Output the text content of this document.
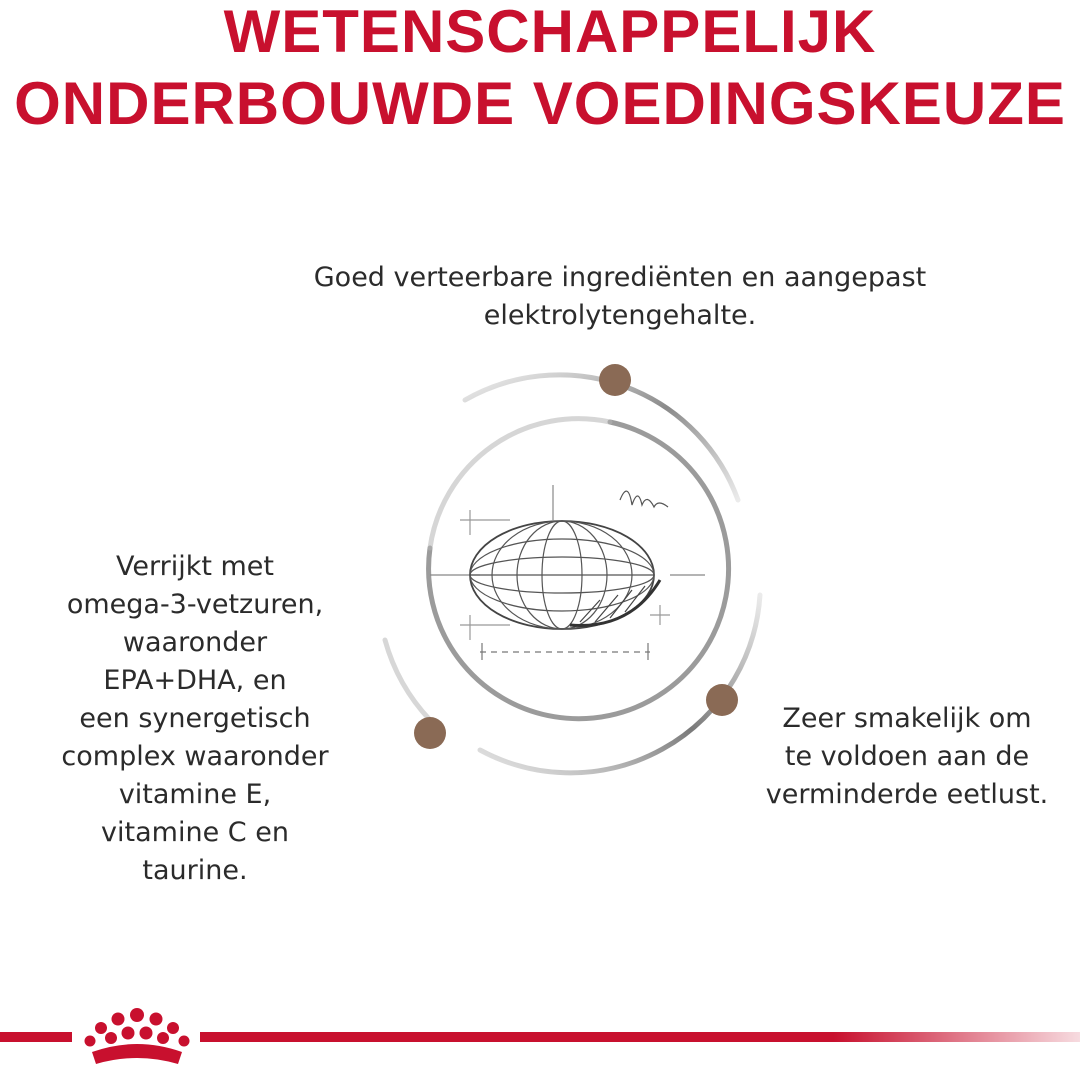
WETENSCHAPPELIJK
ONDERBOUWDE VOEDINGSKEUZE
Goed verteerbare ingrediënten en aangepast
elektrolytengehalte.
Verrijkt met
omega-3-vetzuren,
waaronder
EPA+DHA, en
een synergetisch
complex waaronder
vitamine E,
vitamine C en
taurine.
Zeer smakelijk om
te voldoen aan de
verminderde eetlust.
